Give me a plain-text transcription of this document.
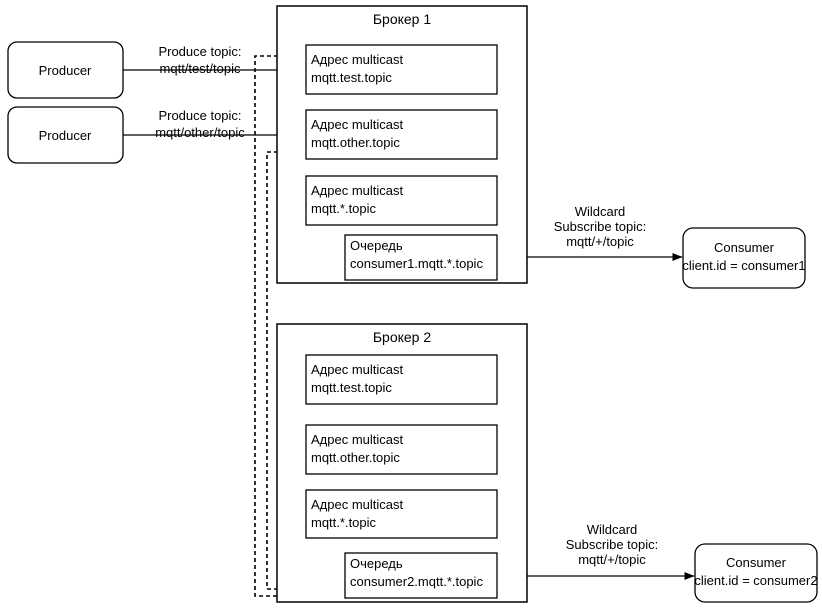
Брокер 1
Адрес multicast
mqtt.test.topic
Адрес multicast
mqtt.other.topic
Адрес multicast
mqtt.*.topic
Очередь
consumer1.mqtt.*.topic
Брокер 2
Адрес multicast
mqtt.test.topic
Адрес multicast
mqtt.other.topic
Адрес multicast
mqtt.*.topic
Очередь
consumer2.mqtt.*.topic
Producer
Producer
Produce topic:
mqtt/test/topic
Produce topic:
mqtt/other/topic
Consumer
client.id = consumer1
Consumer
client.id = consumer2
Wildcard
Subscribe topic:
mqtt/+/topic
Wildcard
Subscribe topic:
mqtt/+/topic
